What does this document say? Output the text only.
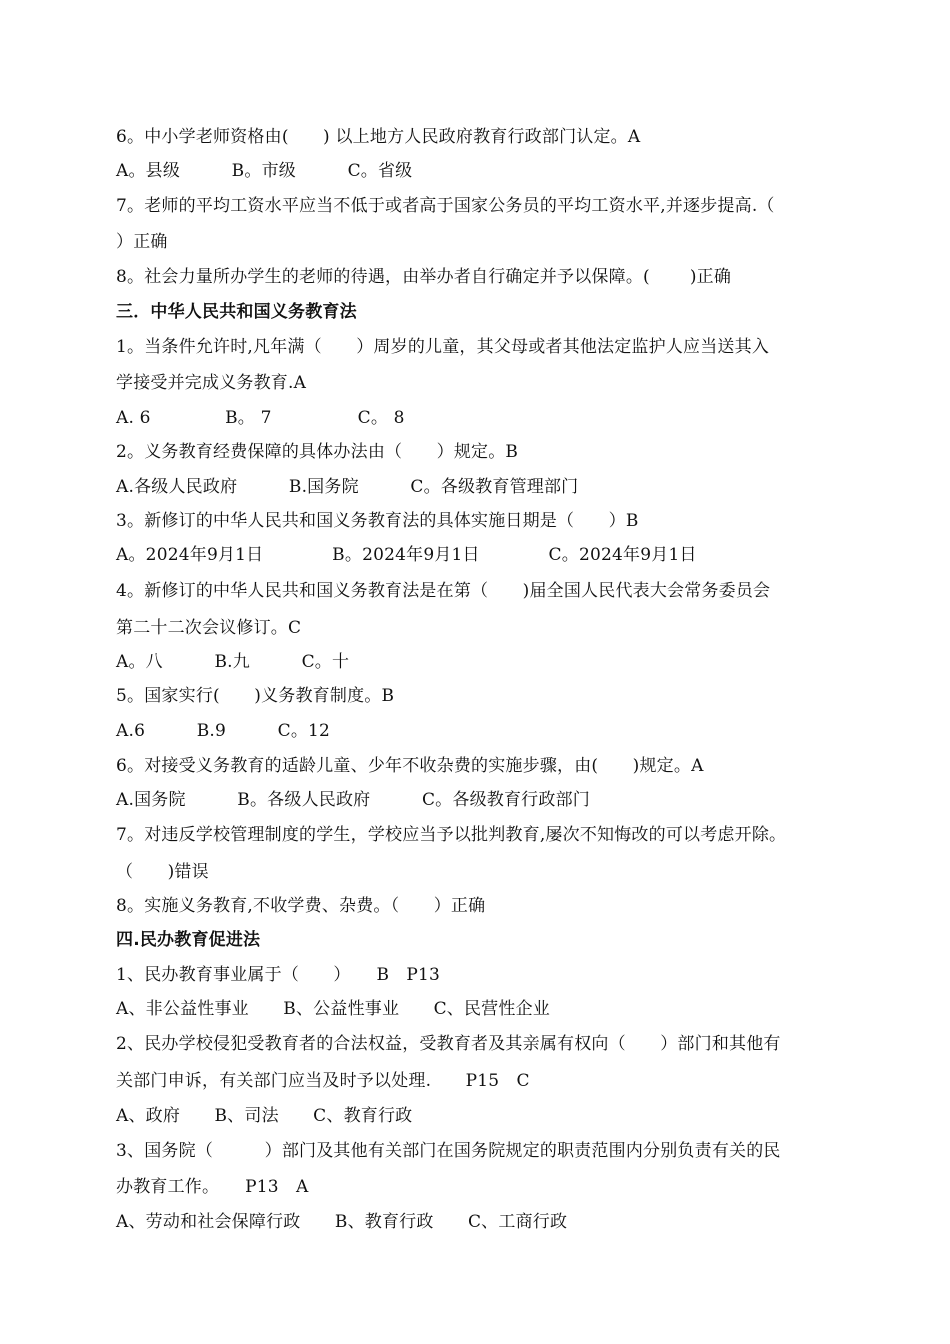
6。中小学老师资格由(　　) 以上地方人民政府教育行政部门认定。A
A。县级　　　B。市级　　　C。省级
7。老师的平均工资水平应当不低于或者高于国家公务员的平均工资水平,并逐步提高.（
）正确
8。社会力量所办学生的老师的待遇，由举办者自行确定并予以保障。(　　 )正确
三．中华人民共和国义务教育法
1。当条件允许时,凡年满（　　）周岁的儿童，其父母或者其他法定监护人应当送其入
学接受并完成义务教育.A
A. 6　　　　 B。 7　　　　　C。 8
2。义务教育经费保障的具体办法由（　　）规定。B
A.各级人民政府　　　B.国务院　　　C。各级教育管理部门
3。新修订的中华人民共和国义务教育法的具体实施日期是（　　）B
A。2024年9月1日　　　　B。2024年9月1日　　　　C。2024年9月1日
4。新修订的中华人民共和国义务教育法是在第（　　)届全国人民代表大会常务委员会
第二十二次会议修订。C
A。八　　　B.九　　　C。十
5。国家实行(　　)义务教育制度。B
A.6　　　B.9　　　C。12
6。对接受义务教育的适龄儿童、少年不收杂费的实施步骤，由(　　)规定。A
A.国务院　　　B。各级人民政府　　　C。各级教育行政部门
7。对违反学校管理制度的学生，学校应当予以批判教育,屡次不知悔改的可以考虑开除。
（　　)错误
8。实施义务教育,不收学费、杂费。（　　）正确
四.民办教育促进法
1、民办教育事业属于（　　）　　B　P13
A、非公益性事业　　B、公益性事业　　C、民营性企业
2、民办学校侵犯受教育者的合法权益，受教育者及其亲属有权向（　　）部门和其他有
关部门申诉，有关部门应当及时予以处理.　　P15　C
A、政府　　B、司法　　C、教育行政
3、国务院（　　　）部门及其他有关部门在国务院规定的职责范围内分别负责有关的民
办教育工作。　　P13　A
A、劳动和社会保障行政　　B、教育行政　　C、工商行政
